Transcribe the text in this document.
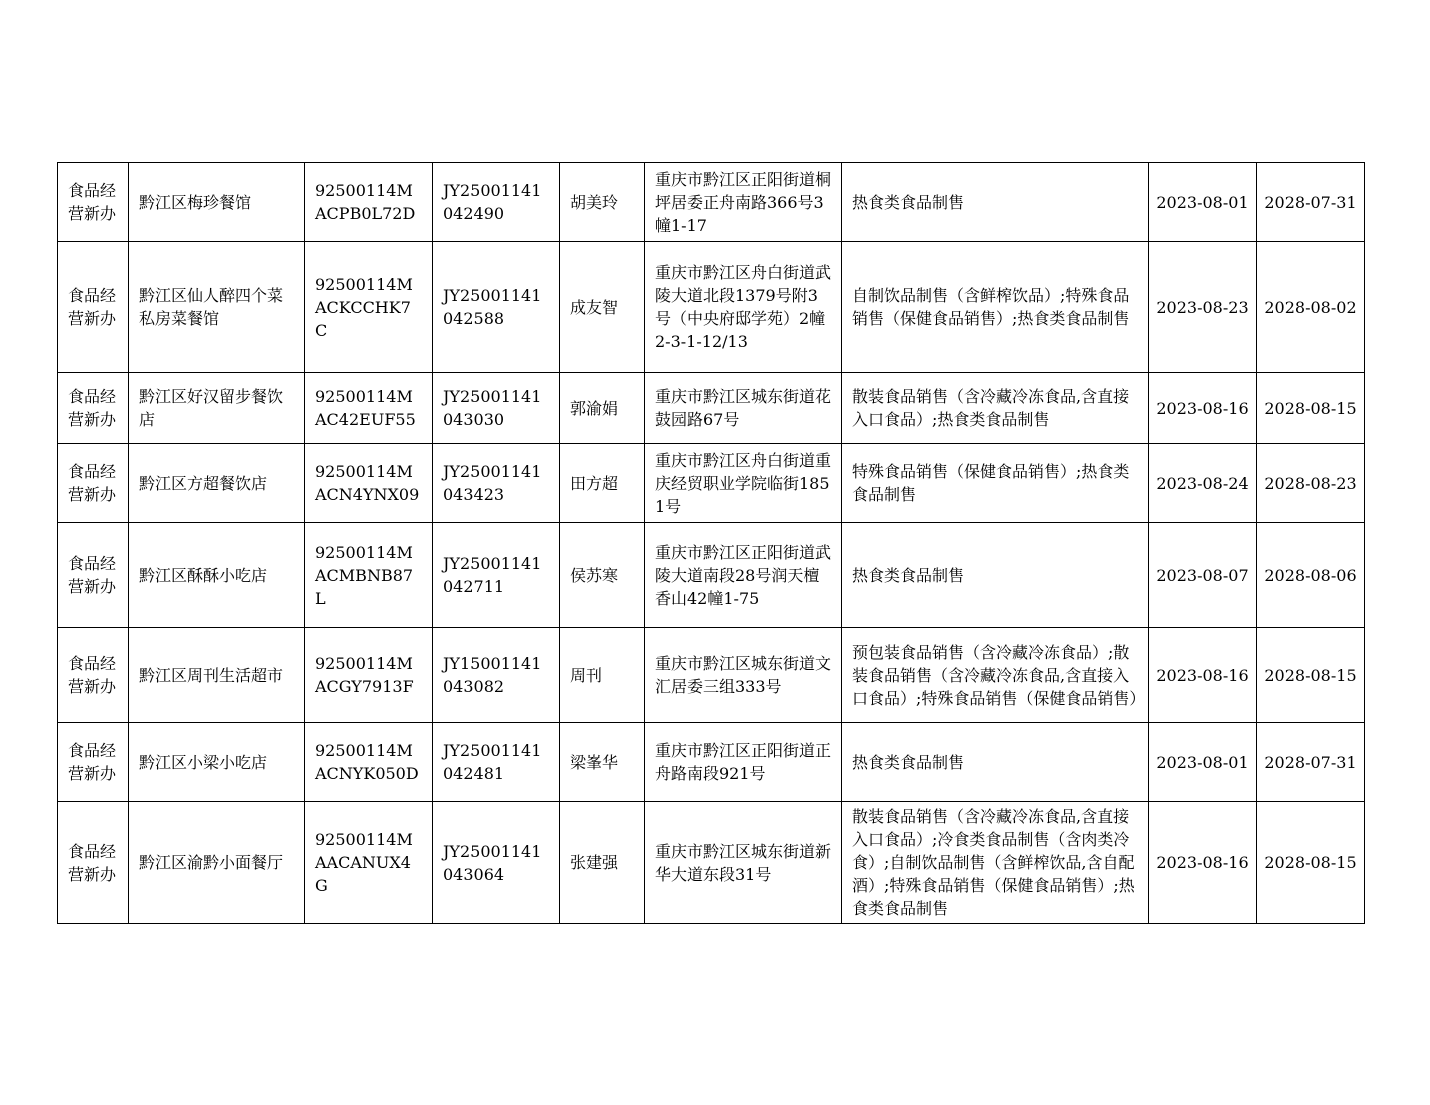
食品经营新办	黔江区梅珍餐馆	92500114MACPB0L72D	JY25001141042490	胡美玲	重庆市黔江区正阳街道桐坪居委正舟南路366号3幢1-17	热食类食品制售	2023-08-01	2028-07-31
食品经营新办	黔江区仙人醉四个菜私房菜餐馆	92500114MACKCCHK7C	JY25001141042588	成友智	重庆市黔江区舟白街道武陵大道北段1379号附3号（中央府邸学苑）2幢2-3-1-12/13	自制饮品制售（含鲜榨饮品）;特殊食品销售（保健食品销售）;热食类食品制售	2023-08-23	2028-08-02
食品经营新办	黔江区好汉留步餐饮店	92500114MAC42EUF55	JY25001141043030	郭渝娟	重庆市黔江区城东街道花鼓园路67号	散装食品销售（含冷藏冷冻食品,含直接入口食品）;热食类食品制售	2023-08-16	2028-08-15
食品经营新办	黔江区方超餐饮店	92500114MACN4YNX09	JY25001141043423	田方超	重庆市黔江区舟白街道重庆经贸职业学院临街1851号	特殊食品销售（保健食品销售）;热食类食品制售	2023-08-24	2028-08-23
食品经营新办	黔江区酥酥小吃店	92500114MACMBNB87L	JY25001141042711	侯苏寒	重庆市黔江区正阳街道武陵大道南段28号润天檀香山42幢1-75	热食类食品制售	2023-08-07	2028-08-06
食品经营新办	黔江区周刊生活超市	92500114MACGY7913F	JY15001141043082	周刊	重庆市黔江区城东街道文汇居委三组333号	预包装食品销售（含冷藏冷冻食品）;散装食品销售（含冷藏冷冻食品,含直接入口食品）;特殊食品销售（保健食品销售）	2023-08-16	2028-08-15
食品经营新办	黔江区小梁小吃店	92500114MACNYK050D	JY25001141042481	梁峯华	重庆市黔江区正阳街道正舟路南段921号	热食类食品制售	2023-08-01	2028-07-31
食品经营新办	黔江区渝黔小面餐厅	92500114MAACANUX4G	JY25001141043064	张建强	重庆市黔江区城东街道新华大道东段31号	散装食品销售（含冷藏冷冻食品,含直接入口食品）;冷食类食品制售（含肉类冷食）;自制饮品制售（含鲜榨饮品,含自配酒）;特殊食品销售（保健食品销售）;热食类食品制售	2023-08-16	2028-08-15
